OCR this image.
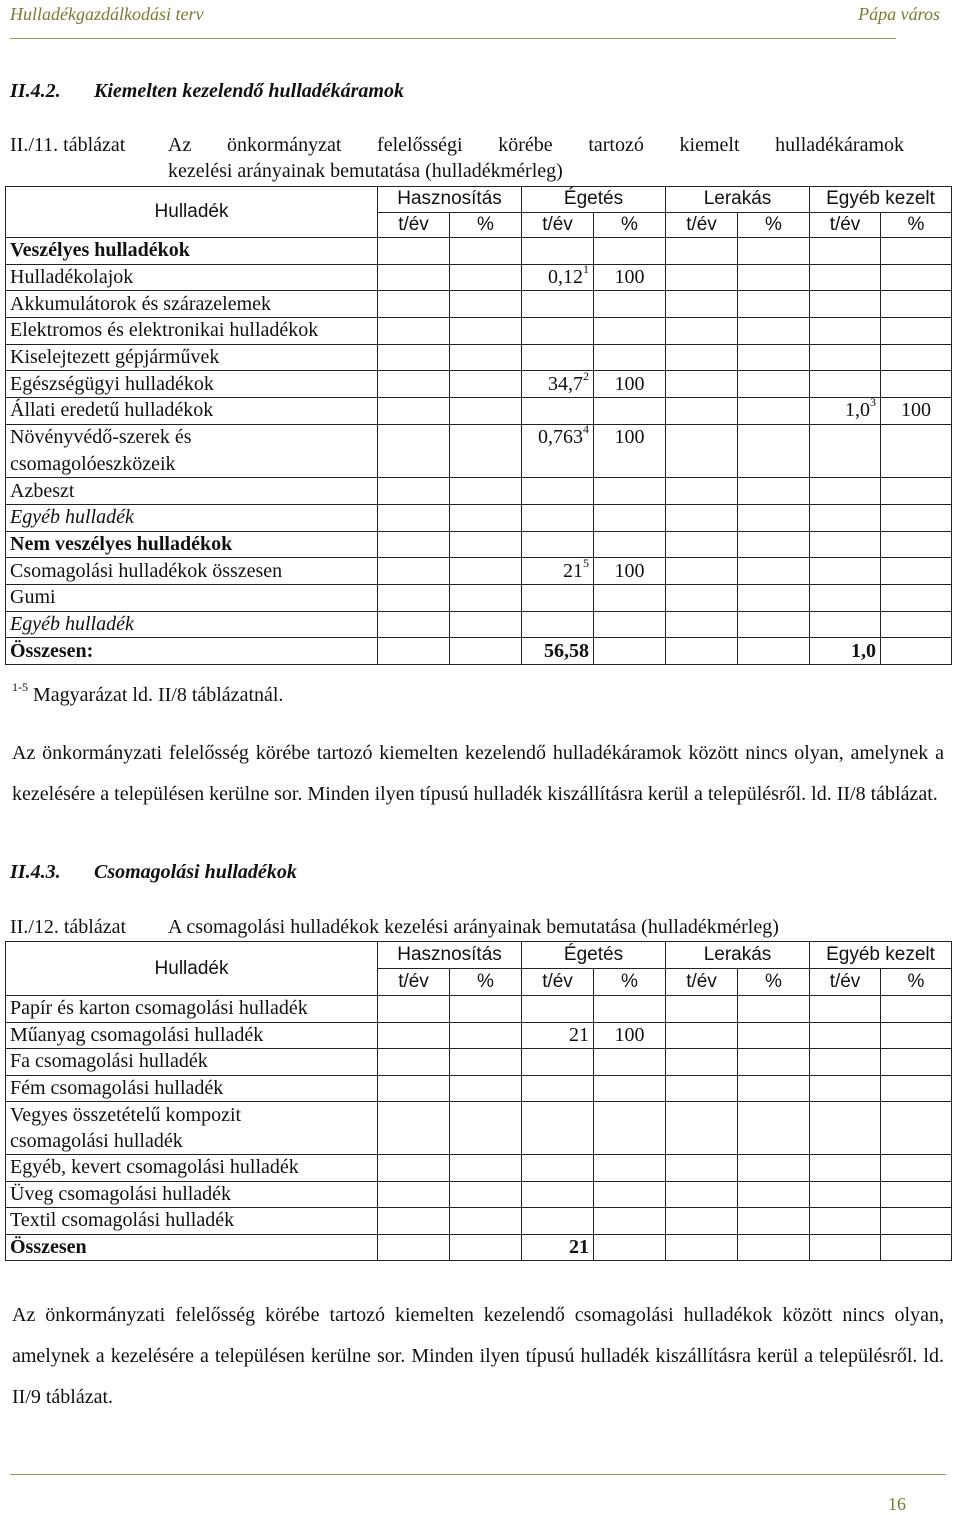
Hulladékgazdálkodási terv	Pápa város
II.4.2. Kiemelten kezelendő hulladékáramok
II./11. táblázat Az önkormányzat felelősségi körébe tartozó kiemelt hulladékáramok
kezelési arányainak bemutatása (hulladékmérleg)
Hulladék	Hasznosítás		Égetés		Lerakás		Egyéb kezelt	
	t/év	%	t/év	%	t/év	%	t/év	%
Veszélyes hulladékok								
Hulladékolajok			0,12$^1$	100				
Akkumulátorok és szárazelemek								
Elektromos és elektronikai hulladékok								
Kiselejtezett gépjárművek								
Egészségügyi hulladékok			34,7$^2$	100				
Állati eredetű hulladékok							$1,0^3$	100
Növényvédő-szerek és			0,763$^4$	100				
csomagolóeszközeik								
Azbeszt								
Egyéb hulladék								
Nem veszélyes hulladékok								
Csomagolási hulladékok összesen			$21^5$	100				
Gumi								
Egyéb hulladék								
Összesen:			56,58				1,0	
$^{1-5}$ Magyarázat ld. II/8 táblázatnál.
Az önkormányzati felelősség körébe tartozó kiemelten kezelendő hulladékáramok között nincs olyan, amelynek a kezelésére a településen kerülne sor. Minden ilyen típusú hulladék kiszállításra kerül a településről. ld. II/8 táblázat.
II.4.3. Csomagolási hulladékok
II./12. táblázat A csomagolási hulladékok kezelési arányainak bemutatása (hulladékmérleg)
Hulladék	Hasznosítás		Égetés		Lerakás		Egyéb kezelt	
	t/év	%	t/év	%	t/év	%	t/év	%
Papír és karton csomagolási hulladék								
Műanyag csomagolási hulladék			21	100				
Fa csomagolási hulladék								
Fém csomagolási hulladék								
Vegyes összetételű kompozit								
csomagolási hulladék								
Egyéb, kevert csomagolási hulladék								
Üveg csomagolási hulladék								
Textil csomagolási hulladék								
Összesen			21					
Az önkormányzati felelősség körébe tartozó kiemelten kezelendő csomagolási hulladékok között nincs olyan, amelynek a kezelésére a településen kerülne sor. Minden ilyen típusú hulladék kiszállításra kerül a településről. ld. II/9 táblázat.
16
